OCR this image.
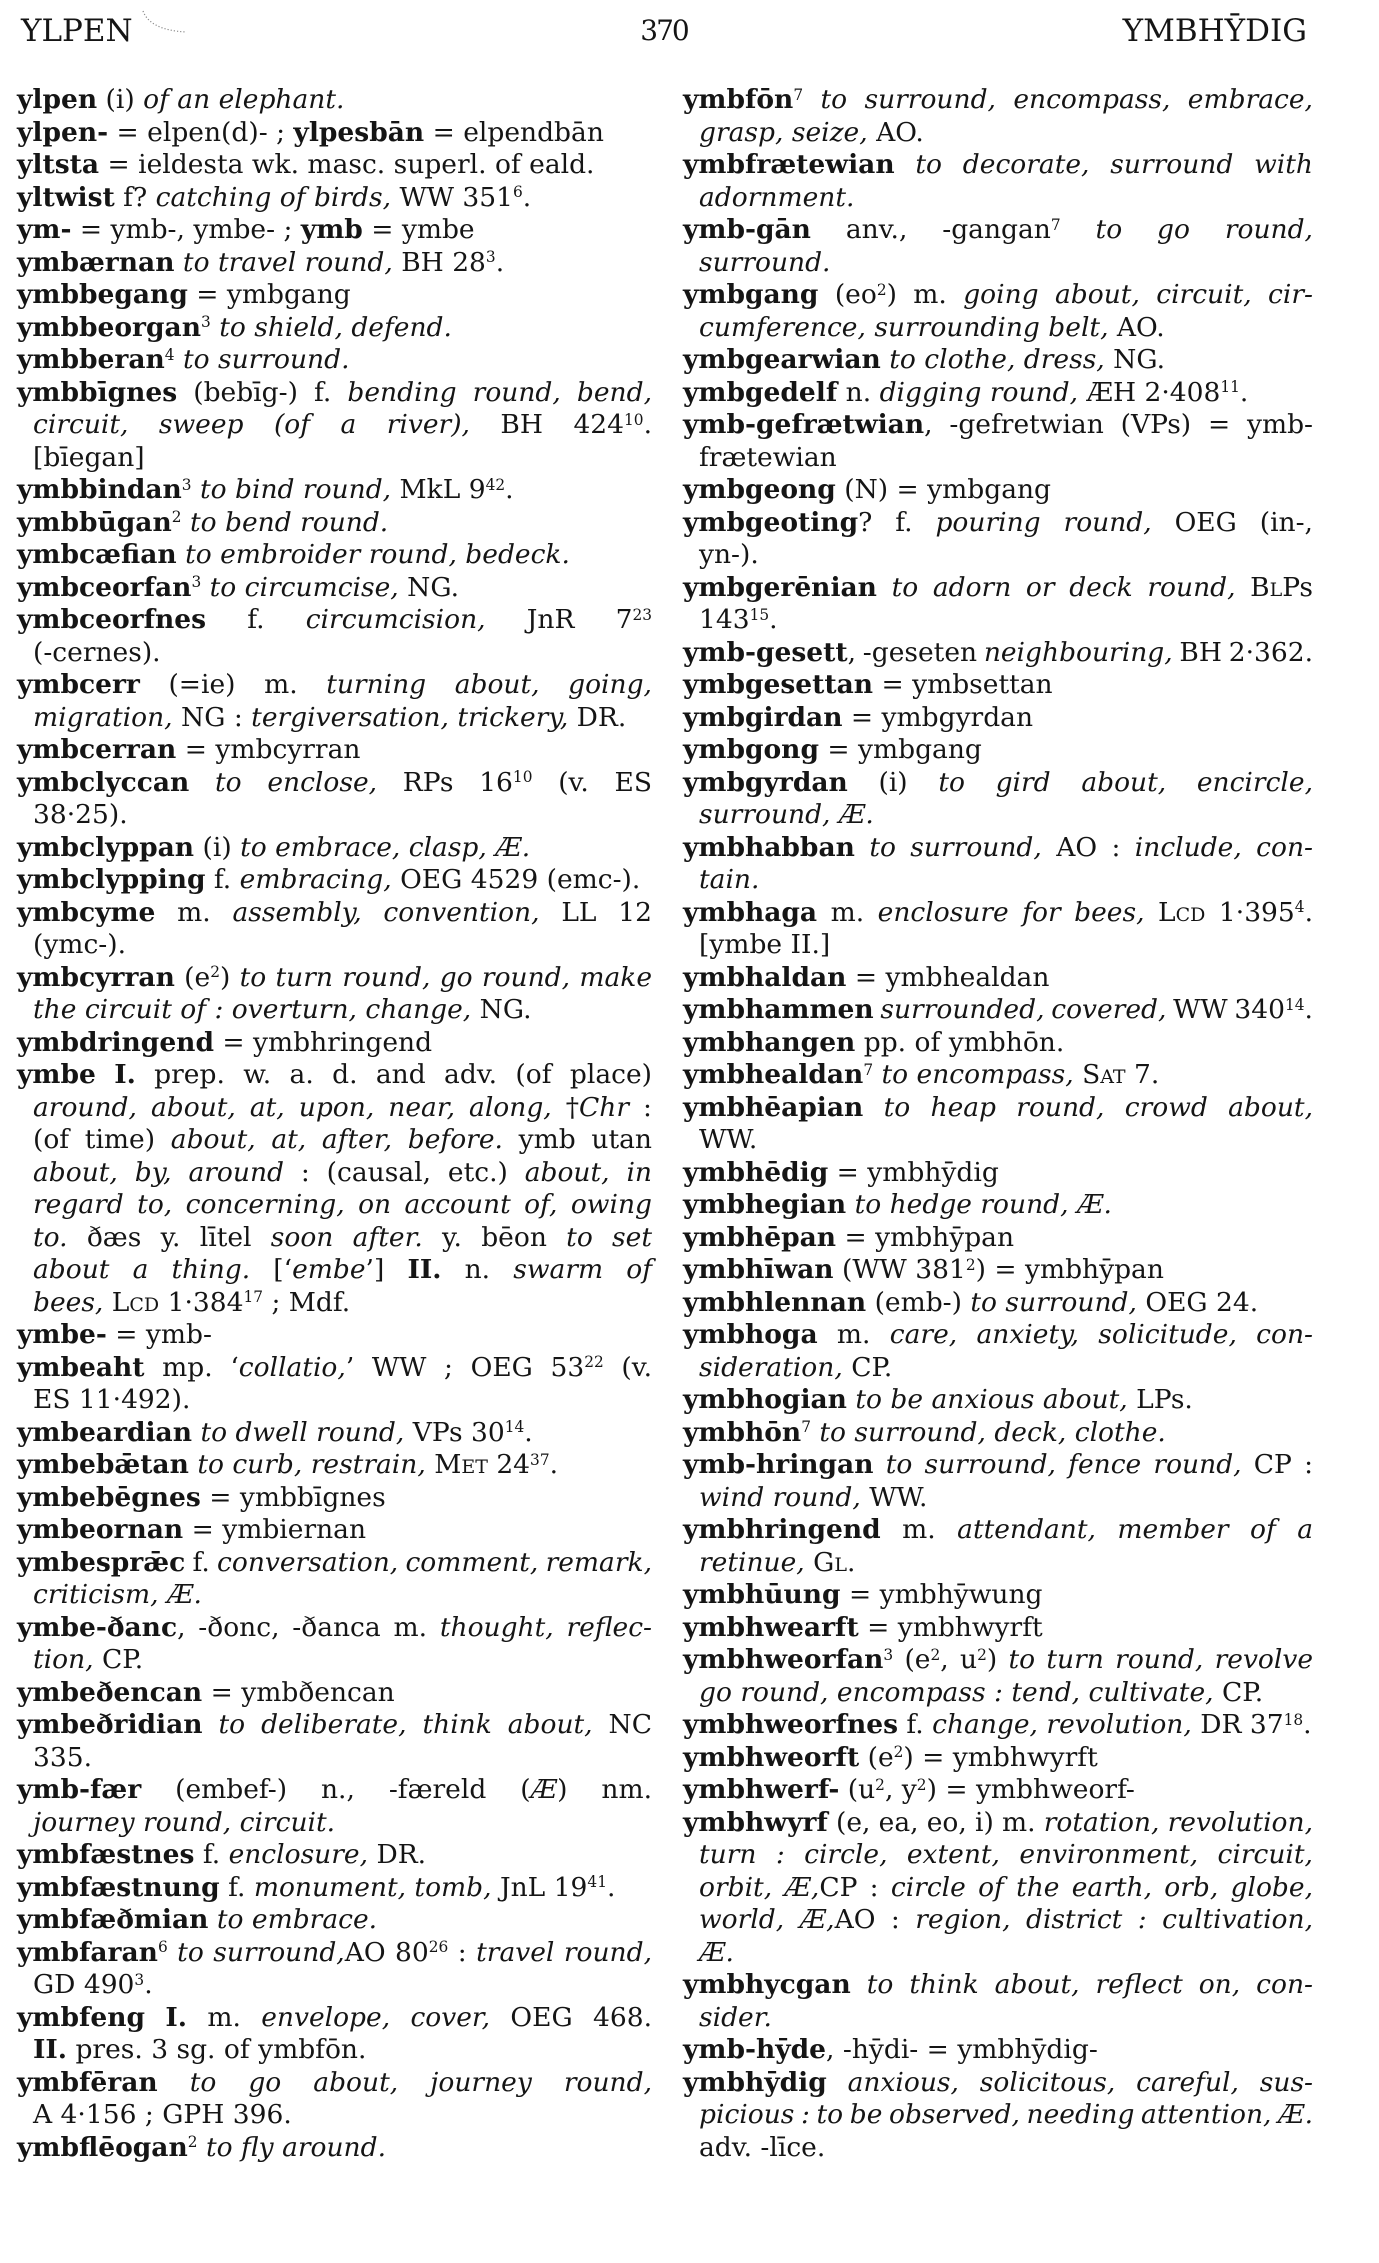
YLPEN	370	YMBHȲDIG
ylpen (i) of an elephant.
ylpen- = elpen(d)- ; ylpesbān = elpendbān
yltsta = ieldesta wk. masc. superl. of eald.
yltwist f? catching of birds, WW $351^6$.
ym- = ymb-, ymbe- ; ymb = ymbe
ymbærnan to travel round, BH $28^3$.
ymbbegang = ymbgang
ymbbeorgan$^3$ to shield, defend.
ymbberan$^4$ to surround.
ymbbīgnes (bebīg-) f. bending round, bend,
circuit, sweep (of a river), BH $424^{10}$.
[bīegan]
ymbbindan$^3$ to bind round, MkL $9^{42}$.
ymbbūgan$^2$ to bend round.
ymbcæfian to embroider round, bedeck.
ymbceorfan$^3$ to circumcise, NG.
ymbceorfnes f. circumcision, JnR $7^{23}$
(-cernes).
ymbcerr (=ie) m. turning about, going,
migration, NG : tergiversation, trickery, DR.
ymbcerran = ymbcyrran
ymbclyccan to enclose, RPs $16^{10}$ (v. ES
38·25).
ymbclyppan (i) to embrace, clasp, Æ.
ymbclypping f. embracing, OEG 4529 (emc-).
ymbcyme m. assembly, convention, LL 12
(ymc-).
ymbcyrran $(e^2)$ to turn round, go round, make
the circuit of : overturn, change, NG.
ymbdringend = ymbhringend
ymbe I. prep. w. a. d. and adv. (of place)
around, about, at, upon, near, along, †Chr :
(of time) about, at, after, before. ymb utan
about, by, around : (causal, etc.) about, in
regard to, concerning, on account of, owing
to. ðæs y. lītel soon after. y. bēon to set
about a thing. [‘embe’] II. n. swarm of
bees, Lcd $1\cdot 384^{17}$ ; Mdf.
ymbe- = ymb-
ymbeaht mp. ‘collatio,’ WW ; OEG $53^{22}$ (v.
ES 11·492).
ymbeardian to dwell round, VPs $30^{14}$.
ymbebǣtan to curb, restrain, Met $24^{37}$.
ymbebēgnes = ymbbīgnes
ymbeornan = ymbiernan
ymbesprǣc f. conversation, comment, remark,
criticism, Æ.
ymbe-ðanc, -ðonc, -ðanca m. thought, reflec-
tion, CP.
ymbeðencan = ymbðencan
ymbeðridian to deliberate, think about, NC
335.
ymb-fær (embef-) n., -færeld (Æ) nm.
journey round, circuit.
ymbfæstnes f. enclosure, DR.
ymbfæstnung f. monument, tomb, JnL $19^{41}$.
ymbfæðmian to embrace.
ymbfaran$^6$ to surround,AO $80^{26}$ : travel round,
GD $490^3$.
ymbfeng I. m. envelope, cover, OEG 468.
II. pres. 3 sg. of ymbfōn.
ymbfēran to go about, journey round,
A 4·156 ; GPH 396.
ymbflēogan$^2$ to fly around.
ymbfōn$^7$ to surround, encompass, embrace,
grasp, seize, AO.
ymbfrætewian to decorate, surround with
adornment.
ymb-gān anv., -gangan$^7$ to go round,
surround.
ymbgang $(eo^2)$ m. going about, circuit, cir-
cumference, surrounding belt, AO.
ymbgearwian to clothe, dress, NG.
ymbgedelf n. digging round, ÆH $2\cdot 408^{11}$.
ymb-gefrætwian, -gefretwian (VPs) = ymb-
frætewian
ymbgeong (N) = ymbgang
ymbgeoting? f. pouring round, OEG (in-,
yn-).
ymbgerēnian to adorn or deck round, BlPs
$143^{15}$.
ymb-gesett, -geseten neighbouring, BH 2·362.
ymbgesettan = ymbsettan
ymbgirdan = ymbgyrdan
ymbgong = ymbgang
ymbgyrdan (i) to gird about, encircle,
surround, Æ.
ymbhabban to surround, AO : include, con-
tain.
ymbhaga m. enclosure for bees, Lcd $1\cdot 395^4$.
[ymbe II.]
ymbhaldan = ymbhealdan
ymbhammen surrounded, covered, WW $340^{14}$.
ymbhangen pp. of ymbhōn.
ymbhealdan$^7$ to encompass, Sat 7.
ymbhēapian to heap round, crowd about,
WW.
ymbhēdig = ymbhȳdig
ymbhegian to hedge round, Æ.
ymbhēpan = ymbhȳpan
ymbhīwan (WW $381^2$) = ymbhȳpan
ymbhlennan (emb-) to surround, OEG 24.
ymbhoga m. care, anxiety, solicitude, con-
sideration, CP.
ymbhogian to be anxious about, LPs.
ymbhōn$^7$ to surround, deck, clothe.
ymb-hringan to surround, fence round, CP :
wind round, WW.
ymbhringend m. attendant, member of a
retinue, Gl.
ymbhūung = ymbhȳwung
ymbhwearft = ymbhwyrft
ymbhweorfan$^3$ ($e^2$, $u^2$) to turn round, revolve
go round, encompass : tend, cultivate, CP.
ymbhweorfnes f. change, revolution, DR $37^{18}$.
ymbhweorft $(e^2)$ = ymbhwyrft
ymbhwerf- ($u^2$, $y^2$) = ymbhweorf-
ymbhwyrf (e, ea, eo, i) m. rotation, revolution,
turn : circle, extent, environment, circuit,
orbit, Æ,CP : circle of the earth, orb, globe,
world, Æ,AO : region, district : cultivation,
Æ.
ymbhycgan to think about, reflect on, con-
sider.
ymb-hȳde, -hȳdi- = ymbhȳdig-
ymbhȳdig anxious, solicitous, careful, sus-
picious : to be observed, needing attention, Æ.
adv. -līce.
